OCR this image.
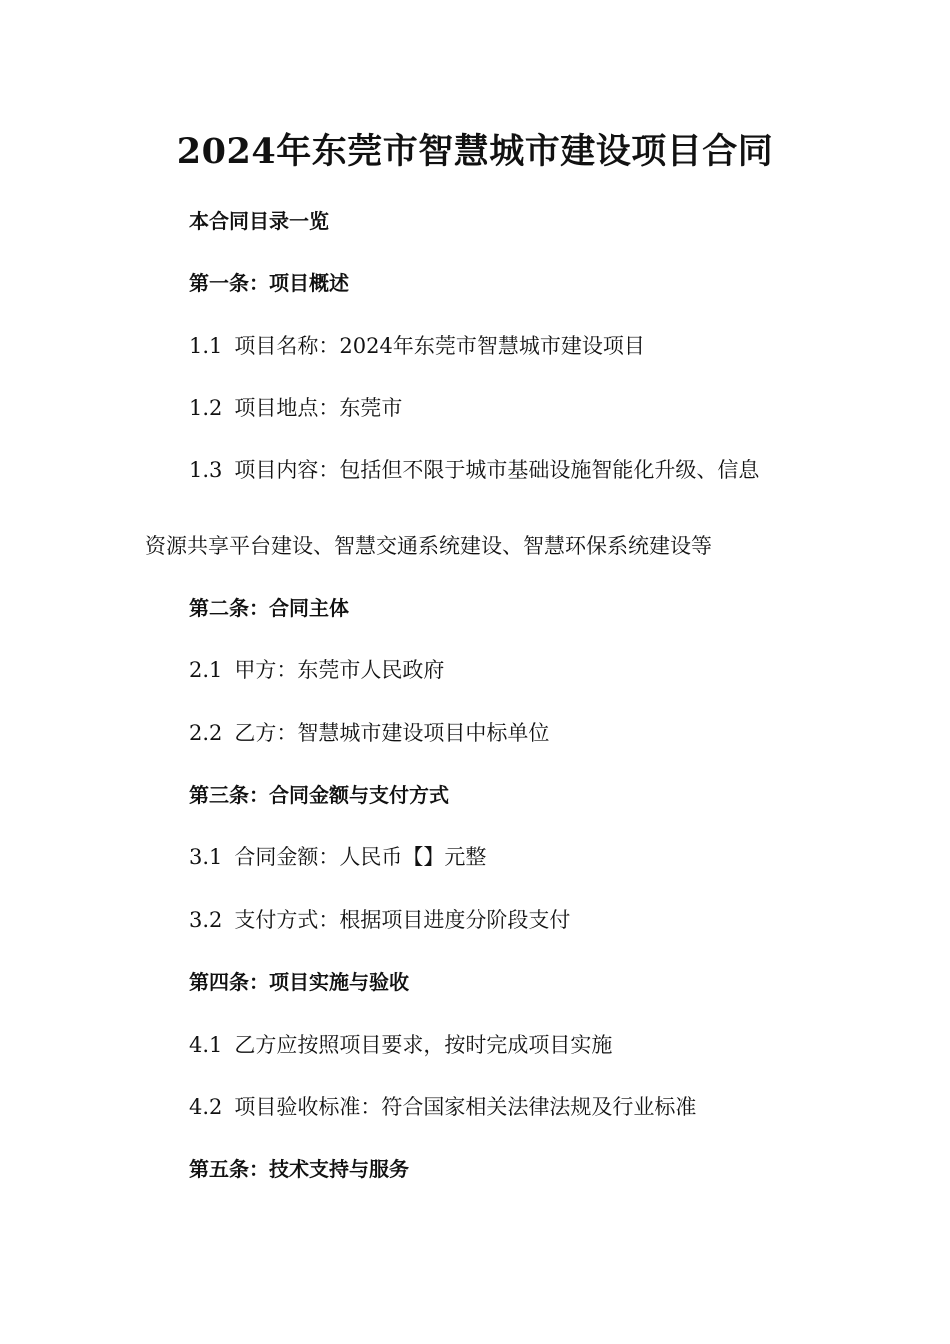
2024年东莞市智慧城市建设项目合同

本合同目录一览

第一条：项目概述

1.1 项目名称：2024年东莞市智慧城市建设项目

1.2 项目地点：东莞市

1.3 项目内容：包括但不限于城市基础设施智能化升级、信息

资源共享平台建设、智慧交通系统建设、智慧环保系统建设等

第二条：合同主体

2.1 甲方：东莞市人民政府

2.2 乙方：智慧城市建设项目中标单位

第三条：合同金额与支付方式

3.1 合同金额：人民币【】元整

3.2 支付方式：根据项目进度分阶段支付

第四条：项目实施与验收

4.1 乙方应按照项目要求，按时完成项目实施

4.2 项目验收标准：符合国家相关法律法规及行业标准

第五条：技术支持与服务
